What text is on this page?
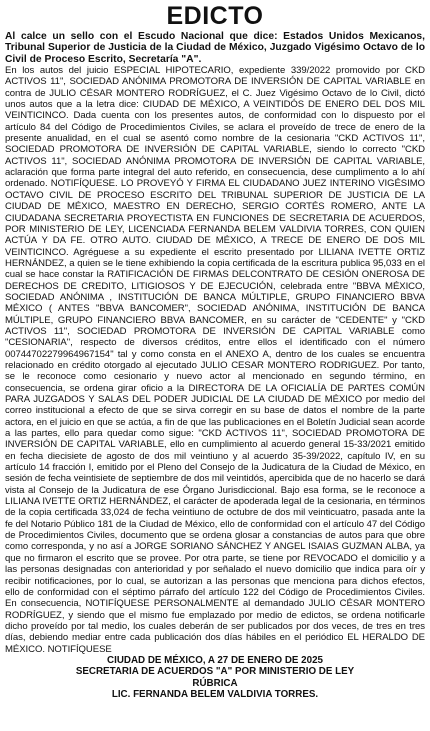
EDICTO

Al calce un sello con el Escudo Nacional que dice: Estados Unidos Mexicanos, Tribunal Superior de Justicia de la Ciudad de México, Juzgado Vigésimo Octavo de lo Civil de Proceso Escrito, Secretaría "A".

En los autos del juicio ESPECIAL HIPOTECARIO, expediente 339/2022 promovido por CKD ACTIVOS 11", SOCIEDAD ANÓNIMA PROMOTORA DE INVERSIÓN DE CAPITAL VARIABLE en contra de JULIO CÉSAR MONTERO RODRÍGUEZ, el C. Juez Vigésimo Octavo de lo Civil, dictó unos autos que a la letra dice: CIUDAD DE MÉXICO, A VEINTIDÓS DE ENERO DEL DOS MIL VEINTICINCO. Dada cuenta con los presentes autos, de conformidad con lo dispuesto por el artículo 84 del Código de Procedimientos Civiles, se aclara el proveído de trece de enero de la presente anualidad, en el cual se asentó como nombre de la cesionaria "CKD ACTIVOS 11", SOCIEDAD PROMOTORA DE INVERSIÓN DE CAPITAL VARIABLE, siendo lo correcto "CKD ACTIVOS 11", SOCIEDAD ANÓNIMA PROMOTORA DE INVERSIÓN DE CAPITAL VARIABLE, aclaración que forma parte integral del auto referido, en consecuencia, dese cumplimento a lo ahí ordenado. NOTIFÍQUESE. LO PROVEYÓ Y FIRMA EL CIUDADANO JUEZ INTERINO VIGÉSIMO OCTAVO CIVIL DE PROCESO ESCRITO DEL TRIBUNAL SUPERIOR DE JUSTICIA DE LA CIUDAD DE MÉXICO, MAESTRO EN DERECHO, SERGIO CORTÉS ROMERO, ANTE LA CIUDADANA SECRETARIA PROYECTISTA EN FUNCIONES DE SECRETARIA DE ACUERDOS, POR MINISTERIO DE LEY, LICENCIADA FERNANDA BELEM VALDIVIA TORRES, CON QUIEN ACTÚA Y DA FE. OTRO AUTO. CIUDAD DE MÉXICO, A TRECE DE ENERO DE DOS MIL VEINTICINCO. Agréguese a su expediente el escrito presentado por LILIANA IVETTE ORTIZ HERNÁNDEZ, a quien se le tiene exhibiendo la copia certificada de la escritura publica 95,033 en el cual se hace constar la RATIFICACIÓN DE FIRMAS DELCONTRATO DE CESIÓN ONEROSA DE DERECHOS DE CREDITO, LITIGIOSOS Y DE EJECUCIÓN, celebrada entre "BBVA MÉXICO, SOCIEDAD ANÓNIMA , INSTITUCIÓN DE BANCA MÚLTIPLE, GRUPO FINANCIERO BBVA MÉXICO ( ANTES "BBVA BANCOMER", SOCIEDAD ANÓNIMA, INSTITUCIÓN DE BANCA MÚLTIPLE, GRUPO FINANCIERO BBVA BANCOMER, en su carácter de "CEDENTE" y "CKD ACTIVOS 11", SOCIEDAD PROMOTORA DE INVERSIÓN DE CAPITAL VARIABLE como "CESIONARIA", respecto de diversos créditos, entre ellos el identificado con el número 00744702279964967154" tal y como consta en el ANEXO A, dentro de los cuales se encuentra relacionado en crédito otorgado al ejecutado JULIO CESAR MONTERO RODRIGUEZ. Por tanto, se le reconoce como cesionario y nuevo actor al mencionado en segundo término, en consecuencia, se ordena girar oficio a la DIRECTORA DE LA OFICIALÍA DE PARTES COMÚN PARA JUZGADOS Y SALAS DEL PODER JUDICIAL DE LA CIUDAD DE MÉXICO por medio del correo institucional a efecto de que se sirva corregir en su base de datos el nombre de la parte actora, en el juicio en que se actúa, a fin de que las publicaciones en el Boletín Judicial sean acorde a las partes, ello para quedar como sigue: "CKD ACTIVOS 11", SOCIEDAD PROMOTORA DE INVERSIÓN DE CAPITAL VARIABLE, ello en cumplimiento al acuerdo general 15-33/2021 emitido en fecha diecisiete de agosto de dos mil veintiuno y al acuerdo 35-39/2022, capítulo IV, en su artículo 14 fracción I, emitido por el Pleno del Consejo de la Judicatura de la Ciudad de México, en sesión de fecha veintisiete de septiembre de dos mil veintidós, apercibida que de no hacerlo se dará vista al Consejo de la Judicatura de ese Órgano Jurisdiccional. Bajo esa forma, se le reconoce a LILIANA IVETTE ORTIZ HERNÁNDEZ, el carácter de apoderada legal de la cesionaria, en términos de la copia certificada 33,024 de fecha veintiuno de octubre de dos mil veinticuatro, pasada ante la fe del Notario Público 181 de la Ciudad de México, ello de conformidad con el artículo 47 del Código de Procedimientos Civiles, documento que se ordena glosar a constancias de autos para que obre como corresponda, y no así a JORGE SORIANO SÁNCHEZ Y ANGEL ISAIAS GUZMAN ALBA, ya que no firmaron el escrito que se provee. Por otra parte, se tiene por REVOCADO el domicilio y a las personas designadas con anterioridad y por señalado el nuevo domicilio que indica para oír y recibir notificaciones, por lo cual, se autorizan a las personas que menciona para dichos efectos, ello de conformidad con el séptimo párrafo del artículo 122 del Código de Procedimientos Civiles. En consecuencia, NOTIFÍQUESE PERSONALMENTE al demandado JULIO CÉSAR MONTERO RODRÍGUEZ, y siendo que el mismo fue emplazado por medio de edictos, se ordena notificarle dicho proveído por tal medio, los cuales deberán de ser publicados por dos veces, de tres en tres días, debiendo mediar entre cada publicación dos días hábiles en el periódico EL HERALDO DE MÉXICO. NOTIFÍQUESE

CIUDAD DE MÉXICO, A 27 DE ENERO DE 2025
SECRETARIA DE ACUERDOS "A" POR MINISTERIO DE LEY
RÚBRICA
LIC. FERNANDA BELEM VALDIVIA TORRES.
